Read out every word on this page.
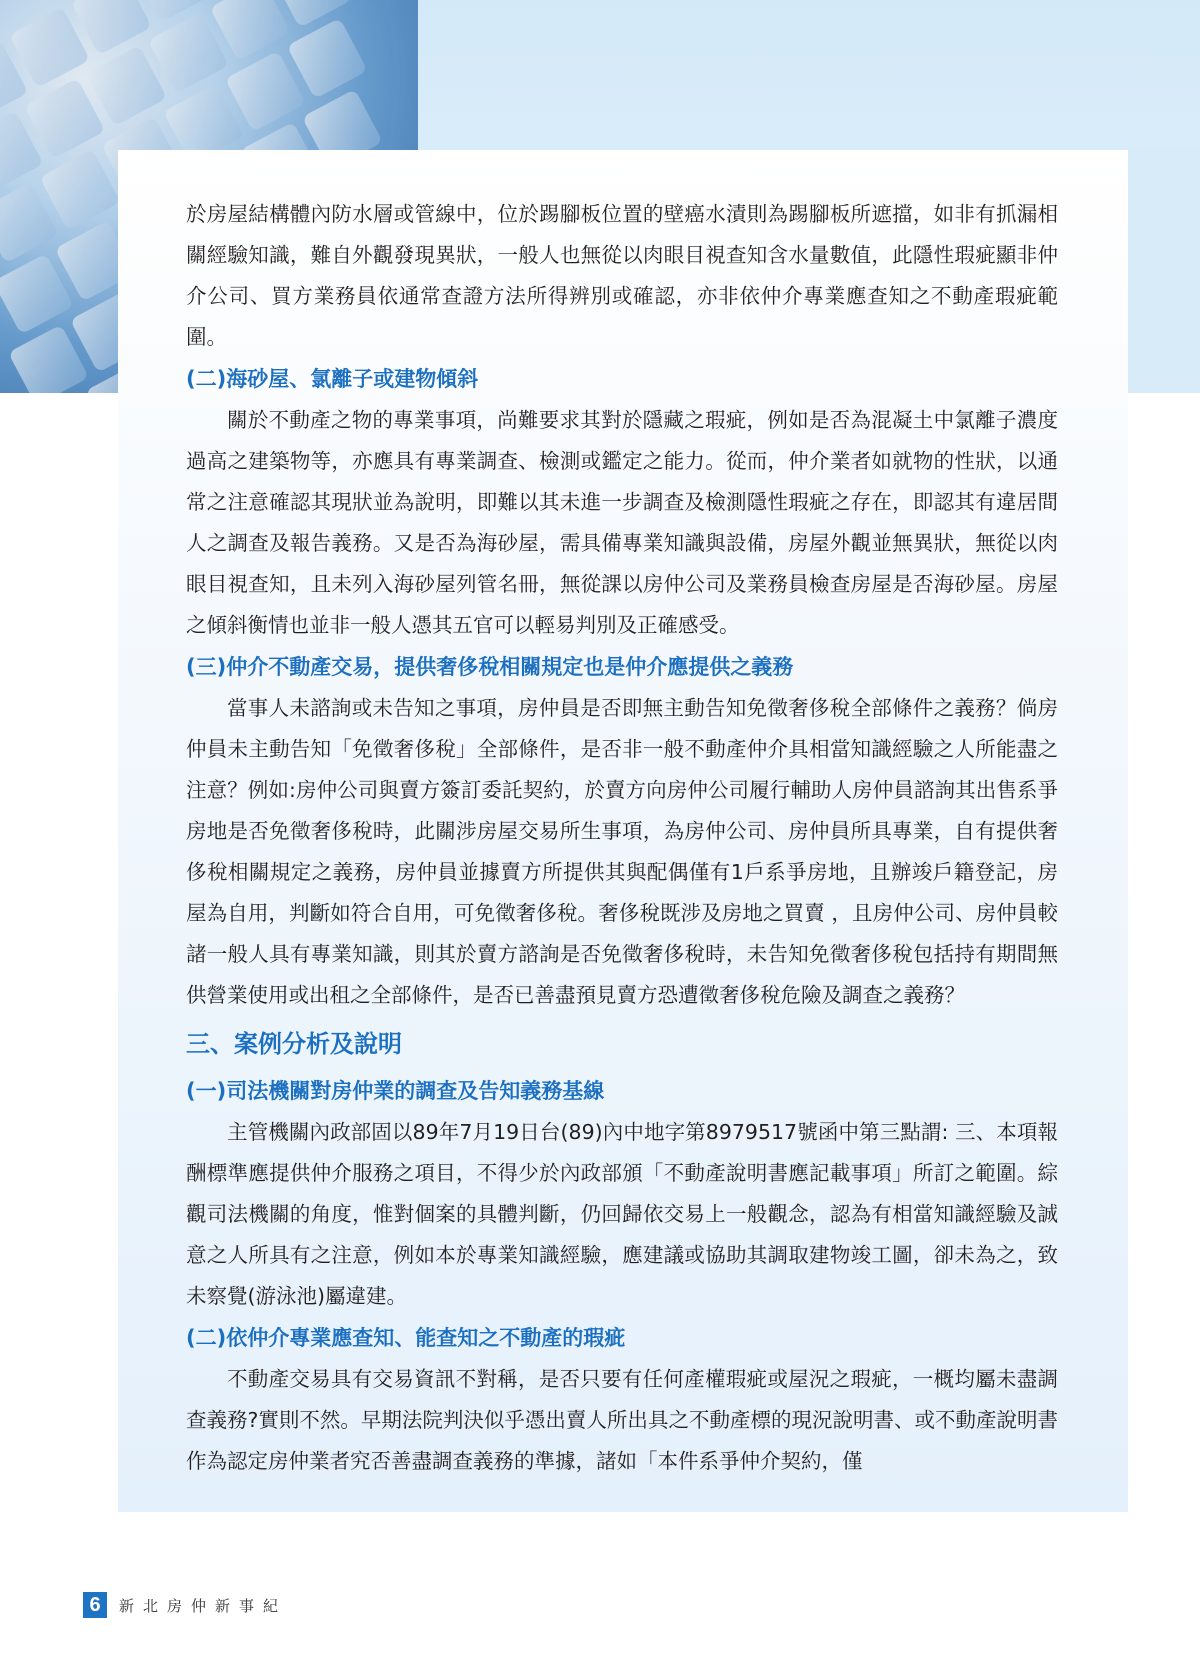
於房屋結構體內防水層或管線中，位於踢腳板位置的壁癌水漬則為踢腳板所遮擋，如非有抓漏相關經驗知識，難自外觀發現異狀，一般人也無從以肉眼目視查知含水量數值，此隱性瑕疵顯非仲介公司、買方業務員依通常查證方法所得辨別或確認，亦非依仲介專業應查知之不動產瑕疵範圍。

(二)海砂屋、氯離子或建物傾斜

關於不動產之物的專業事項，尚難要求其對於隱藏之瑕疵，例如是否為混凝土中氯離子濃度過高之建築物等，亦應具有專業調查、檢測或鑑定之能力。從而，仲介業者如就物的性狀，以通常之注意確認其現狀並為說明，即難以其未進一步調查及檢測隱性瑕疵之存在，即認其有違居間人之調查及報告義務。又是否為海砂屋，需具備專業知識與設備，房屋外觀並無異狀，無從以肉眼目視查知，且未列入海砂屋列管名冊，無從課以房仲公司及業務員檢查房屋是否海砂屋。房屋之傾斜衡情也並非一般人憑其五官可以輕易判別及正確感受。

(三)仲介不動產交易，提供奢侈稅相關規定也是仲介應提供之義務

當事人未諮詢或未告知之事項，房仲員是否即無主動告知免徵奢侈稅全部條件之義務？倘房仲員未主動告知「免徵奢侈稅」全部條件，是否非一般不動產仲介具相當知識經驗之人所能盡之注意？例如:房仲公司與賣方簽訂委託契約，於賣方向房仲公司履行輔助人房仲員諮詢其出售系爭房地是否免徵奢侈稅時，此關涉房屋交易所生事項，為房仲公司、房仲員所具專業，自有提供奢侈稅相關規定之義務，房仲員並據賣方所提供其與配偶僅有1戶系爭房地，且辦竣戶籍登記，房屋為自用，判斷如符合自用，可免徵奢侈稅。奢侈稅既涉及房地之買賣 ，且房仲公司、房仲員較諸一般人具有專業知識，則其於賣方諮詢是否免徵奢侈稅時，未告知免徵奢侈稅包括持有期間無供營業使用或出租之全部條件，是否已善盡預見賣方恐遭徵奢侈稅危險及調查之義務？

三、案例分析及說明

(一)司法機關對房仲業的調查及告知義務基線

主管機關內政部固以89年7月19日台(89)內中地字第8979517號函中第三點謂: 三、本項報酬標準應提供仲介服務之項目，不得少於內政部頒「不動產說明書應記載事項」所訂之範圍。綜觀司法機關的角度，惟對個案的具體判斷，仍回歸依交易上一般觀念，認為有相當知識經驗及誠意之人所具有之注意，例如本於專業知識經驗，應建議或協助其調取建物竣工圖，卻未為之，致未察覺(游泳池)屬違建。

(二)依仲介專業應查知、能查知之不動產的瑕疵

不動產交易具有交易資訊不對稱，是否只要有任何產權瑕疵或屋況之瑕疵，一概均屬未盡調查義務?實則不然。早期法院判決似乎憑出賣人所出具之不動產標的現況說明書、或不動產說明書作為認定房仲業者究否善盡調查義務的準據，諸如「本件系爭仲介契約，僅

6	新北房仲新事紀
